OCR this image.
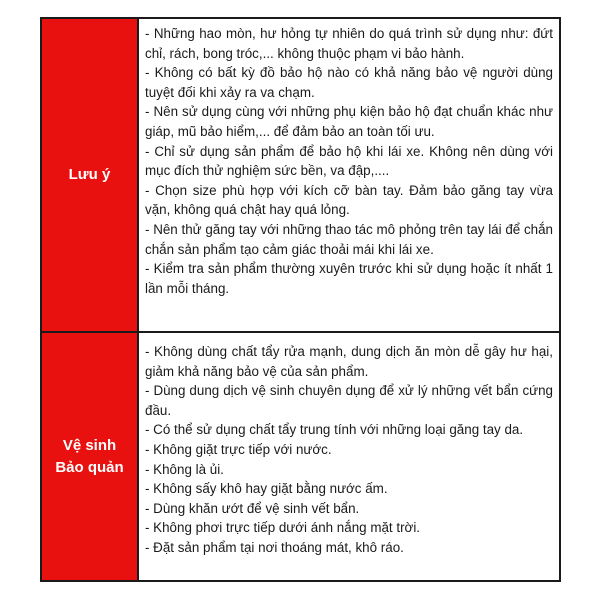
Lưu ý
- Những hao mòn, hư hỏng tự nhiên do quá trình sử dụng như: đứt chỉ, rách, bong tróc,... không thuộc phạm vi bảo hành.
- Không có bất kỳ đồ bảo hộ nào có khả năng bảo vệ người dùng tuyệt đối khi xảy ra va chạm.
- Nên sử dụng cùng với những phụ kiện bảo hộ đạt chuẩn khác như giáp, mũ bảo hiểm,... để đảm bảo an toàn tối ưu.
- Chỉ sử dụng sản phẩm để bảo hộ khi lái xe. Không nên dùng với mục đích thử nghiệm sức bền, va đập,....
- Chọn size phù hợp với kích cỡ bàn tay. Đảm bảo găng tay vừa vặn, không quá chật hay quá lỏng.
- Nên thử găng tay với những thao tác mô phỏng trên tay lái để chắn chắn sản phẩm tạo cảm giác thoải mái khi lái xe.
- Kiểm tra sản phẩm thường xuyên trước khi sử dụng hoặc ít nhất 1 lần mỗi tháng.
Vệ sinh
Bảo quản
- Không dùng chất tẩy rửa mạnh, dung dịch ăn mòn dễ gây hư hại, giảm khả năng bảo vệ của sản phẩm.
- Dùng dung dịch vệ sinh chuyên dụng để xử lý những vết bẩn cứng đầu.
- Có thể sử dụng chất tẩy trung tính với những loại găng tay da.
- Không giặt trực tiếp với nước.
- Không là ủi.
- Không sấy khô hay giặt bằng nước ấm.
- Dùng khăn ướt để vệ sinh vết bẩn.
- Không phơi trực tiếp dưới ánh nắng mặt trời.
- Đặt sản phẩm tại nơi thoáng mát, khô ráo.
